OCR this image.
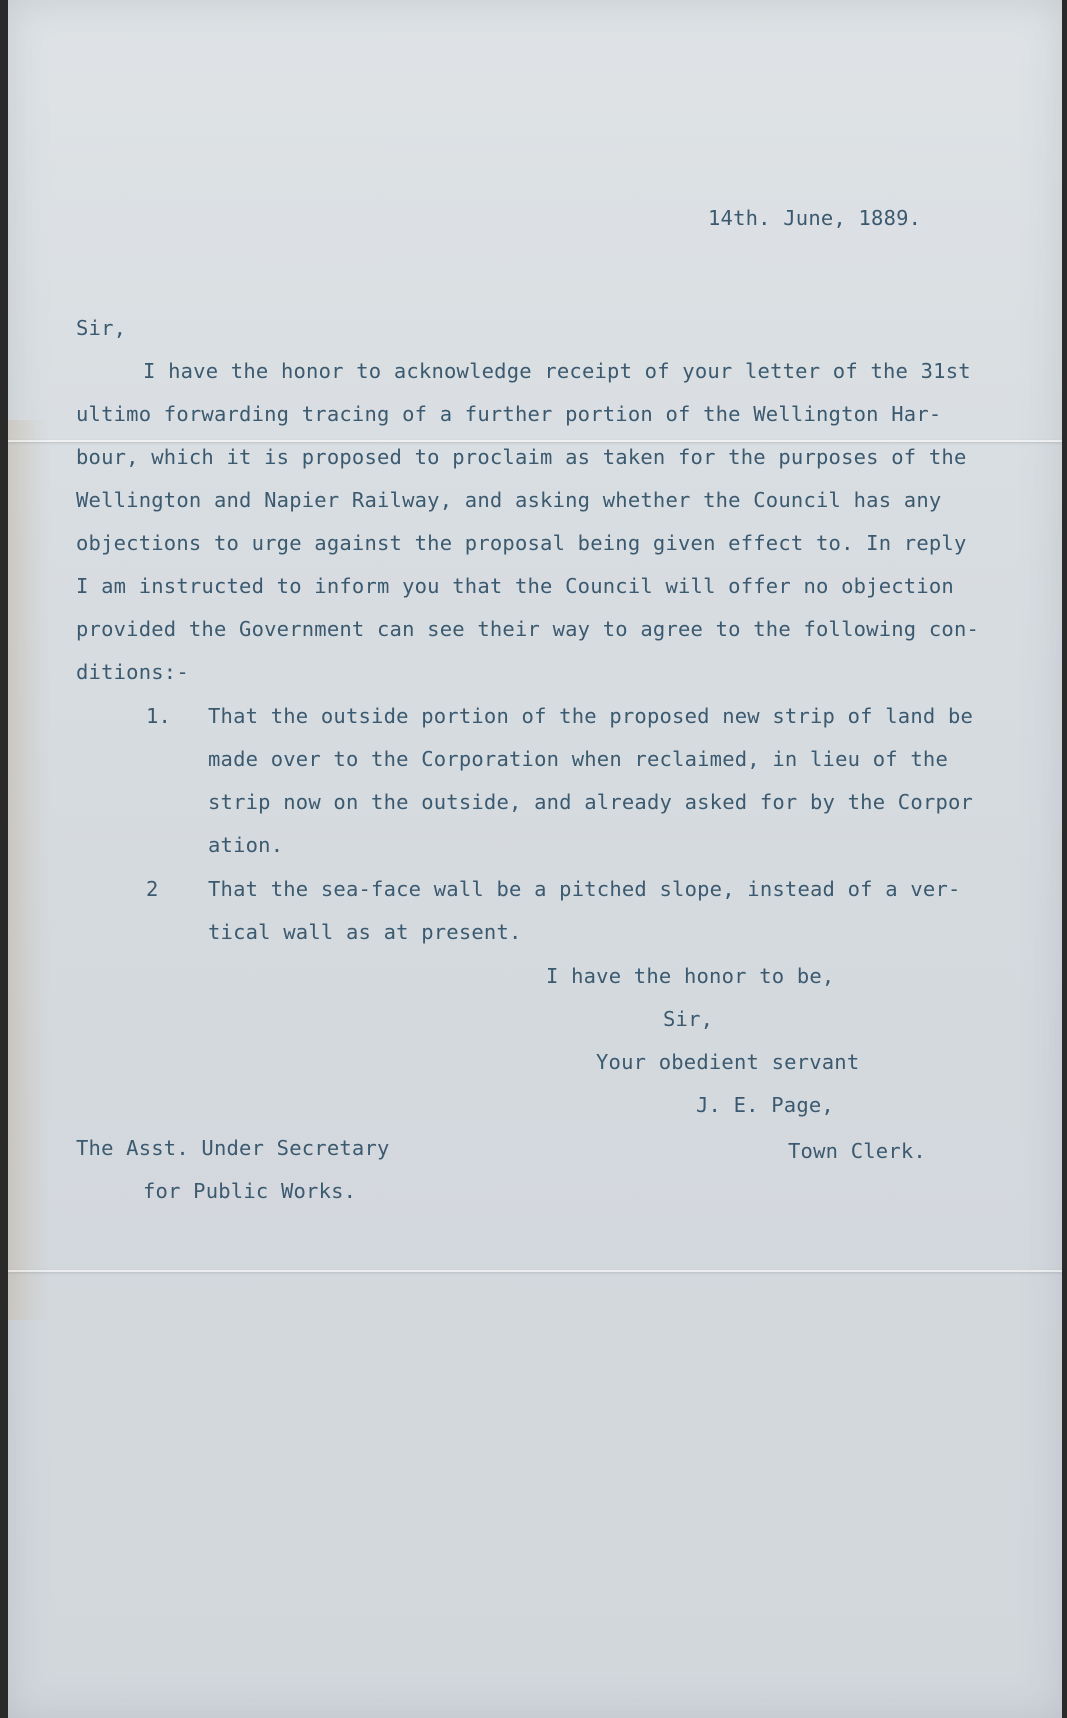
14th. June, 1889.

Sir,

I have the honor to acknowledge receipt of your letter of the 31st

ultimo forwarding tracing of a further portion of the Wellington Har-

bour, which it is proposed to proclaim as taken for the purposes of the

Wellington and Napier Railway, and asking whether the Council has any

objections to urge against the proposal being given effect to. In reply

I am instructed to inform you that the Council will offer no objection

provided the Government can see their way to agree to the following con-

ditions:-

1. That the outside portion of the proposed new strip of land be

made over to the Corporation when reclaimed, in lieu of the

strip now on the outside, and already asked for by the Corpor

ation.

2 That the sea-face wall be a pitched slope, instead of a ver-

tical wall as at present.

I have the honor to be,

Sir,

Your obedient servant

J. E. Page,

The Asst. Under Secretary	Town Clerk.

for Public Works.
